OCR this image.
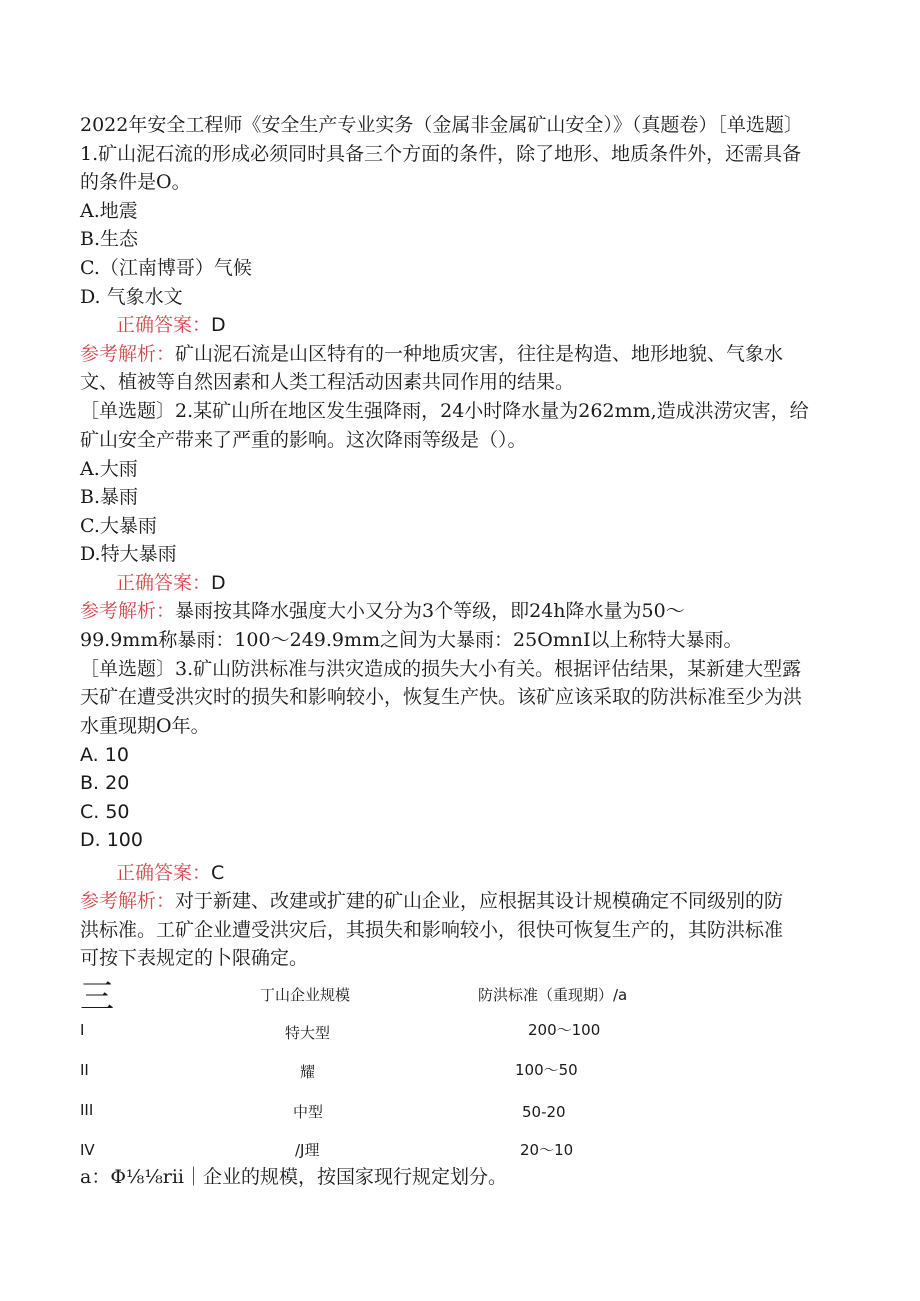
2022年安全工程师《安全生产专业实务（金属非金属矿山安全）》（真题卷）［单选题〕
1.矿山泥石流的形成必须同时具备三个方面的条件，除了地形、地质条件外，还需具备
的条件是O。
A.地震
B.生态
C.（江南博哥）气候
D. 气象水文
正确答案：D
参考解析：矿山泥石流是山区特有的一种地质灾害，往往是构造、地形地貌、气象水
文、植被等自然因素和人类工程活动因素共同作用的结果。
［单选题〕2.某矿山所在地区发生强降雨，24小时降水量为262mm,造成洪涝灾害，给
矿山安全产带来了严重的影响。这次降雨等级是（）。
A.大雨
B.暴雨
C.大暴雨
D.特大暴雨
正确答案：D
参考解析：暴雨按其降水强度大小又分为3个等级，即24h降水量为50～
99.9mm称暴雨：100～249.9mm之间为大暴雨：25OmnI以上称特大暴雨。
［单选题〕3.矿山防洪标准与洪灾造成的损失大小有关。根据评估结果，某新建大型露
天矿在遭受洪灾时的损失和影响较小，恢复生产快。该矿应该采取的防洪标准至少为洪
水重现期O年。
A. 10
B. 20
C. 50
D. 100
正确答案：C
参考解析：对于新建、改建或扩建的矿山企业，应根据其设计规模确定不同级别的防
洪标准。工矿企业遭受洪灾后，其损失和影响较小，很快可恢复生产的，其防洪标准
可按下表规定的卜限确定。
三	丁山企业规模	防洪标准（重现期）/a
I	特大型	200～100
II	耀	100～50
III	中型	50-20
IV	/J理	20～10
a：Φ⅛⅛rii｜企业的规模，按国家现行规定划分。
